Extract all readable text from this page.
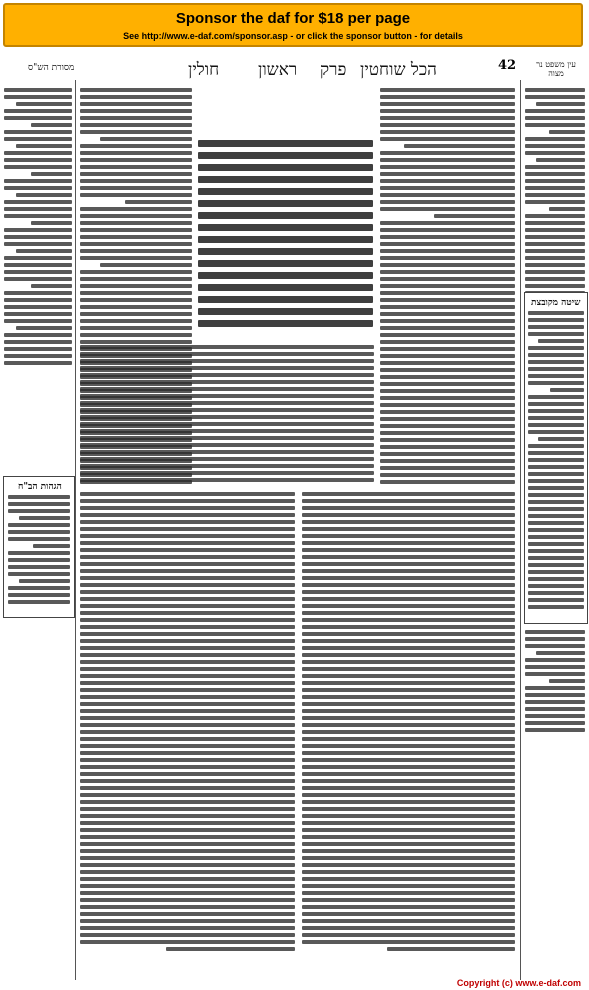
Sponsor the daf for $18 per page
See http://www.e-daf.com/sponsor.asp - or click the sponsor button - for details
42
הכל שוחטין
פרק
ראשון
חולין
מסורת הש"ס	עין משפט נר מצוה
הגהות הב"ח
שיטה מקובצת
Copyright (c) www.e-daf.com
